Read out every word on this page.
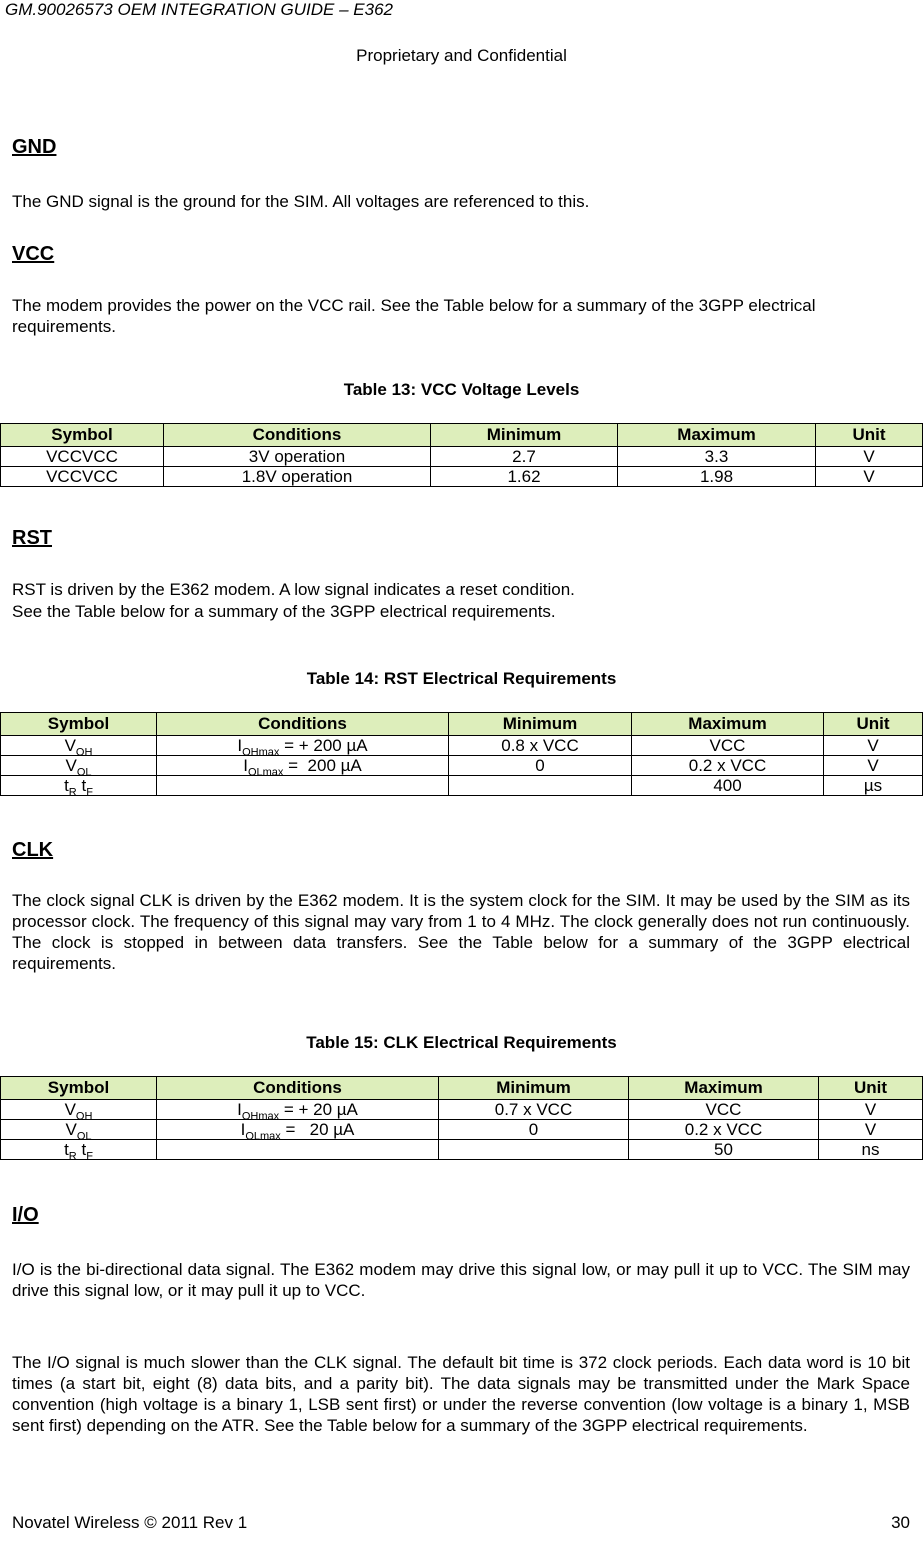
GM.90026573 OEM INTEGRATION GUIDE – E362
Proprietary and Confidential
GND
The GND signal is the ground for the SIM. All voltages are referenced to this.
VCC
The modem provides the power on the VCC rail. See the Table below for a summary of the 3GPP electrical requirements.
Table 13: VCC Voltage Levels
Symbol	Conditions	Minimum	Maximum	Unit
VCCVCC	3V operation	2.7	3.3	V
VCCVCC	1.8V operation	1.62	1.98	V
RST
RST is driven by the E362 modem. A low signal indicates a reset condition.
See the Table below for a summary of the 3GPP electrical requirements.
Table 14: RST Electrical Requirements
Symbol	Conditions	Minimum	Maximum	Unit
$V_{OH}$	$I_{OHmax}$ = + 200 µA	0.8 x VCC	VCC	V
$V_{OL}$	$I_{OLmax} = 200$ µA	0	0.2 x VCC	V
$t_R$ $t_F$			400	µs
CLK
The clock signal CLK is driven by the E362 modem. It is the system clock for the SIM. It may be used by the SIM as its processor clock. The frequency of this signal may vary from 1 to 4 MHz. The clock generally does not run continuously. The clock is stopped in between data transfers. See the Table below for a summary of the 3GPP electrical requirements.
Table 15: CLK Electrical Requirements
Symbol	Conditions	Minimum	Maximum	Unit
$V_{OH}$	$I_{OHmax}$ = + 20 µA	0.7 x VCC	VCC	V
$V_{OL}$	$I_{OLmax} = 20$ µA	0	0.2 x VCC	V
$t_R$ $t_F$			50	ns
I/O
I/O is the bi-directional data signal. The E362 modem may drive this signal low, or may pull it up to VCC. The SIM may drive this signal low, or it may pull it up to VCC.
The I/O signal is much slower than the CLK signal. The default bit time is 372 clock periods. Each data word is 10 bit times (a start bit, eight (8) data bits, and a parity bit). The data signals may be transmitted under the Mark Space convention (high voltage is a binary 1, LSB sent first) or under the reverse convention (low voltage is a binary 1, MSB sent first) depending on the ATR. See the Table below for a summary of the 3GPP electrical requirements.
Novatel Wireless © 2011 Rev 1	30
